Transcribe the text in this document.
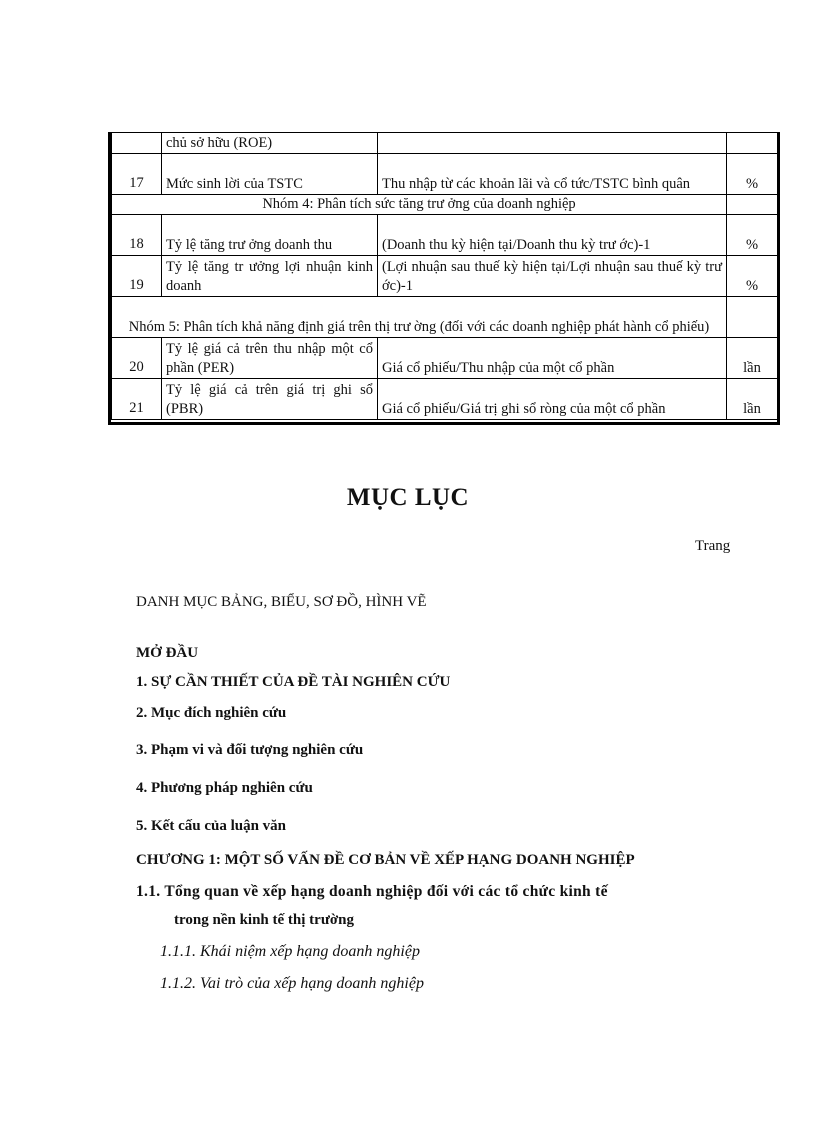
	chủ sở hữu (ROE)		
17	Mức sinh lời của TSTC	Thu nhập từ các khoản lãi và cổ tức/TSTC bình quân	%
Nhóm 4: Phân tích sức tăng trư ởng của doanh nghiệp			
18	Tỷ lệ tăng trư ởng doanh thu	(Doanh thu kỳ hiện tại/Doanh thu kỳ trư ớc)-1	%
19	Tỷ lệ tăng tr ưởng lợi nhuận kinh doanh	(Lợi nhuận sau thuế kỳ hiện tại/Lợi nhuận sau thuế kỳ trư ớc)-1	%
Nhóm 5: Phân tích khả năng định giá trên thị trư ờng (đối với các doanh nghiệp phát hành cổ phiếu)			
20	Tỷ lệ giá cả trên thu nhập một cổ phần (PER)	Giá cổ phiếu/Thu nhập của một cổ phần	lần
21	Tỷ lệ giá cả trên giá trị ghi sổ (PBR)	Giá cổ phiếu/Giá trị ghi sổ ròng của một cổ phần	lần
MỤC LỤC
Trang
DANH MỤC BẢNG, BIỂU, SƠ ĐỒ, HÌNH VẼ
MỞ ĐẦU
1. SỰ CẦN THIẾT CỦA ĐỀ TÀI NGHIÊN CỨU
2. Mục đích nghiên cứu
3. Phạm vi và đối tượng nghiên cứu
4. Phương pháp nghiên cứu
5. Kết cấu của luận văn
CHƯƠNG 1: MỘT SỐ VẤN ĐỀ CƠ BẢN VỀ XẾP HẠNG DOANH NGHIỆP
1.1. Tổng quan về xếp hạng doanh nghiệp đối với các tổ chức kinh tế
trong nền kinh tế thị trường
1.1.1. Khái niệm xếp hạng doanh nghiệp
1.1.2. Vai trò của xếp hạng doanh nghiệp
